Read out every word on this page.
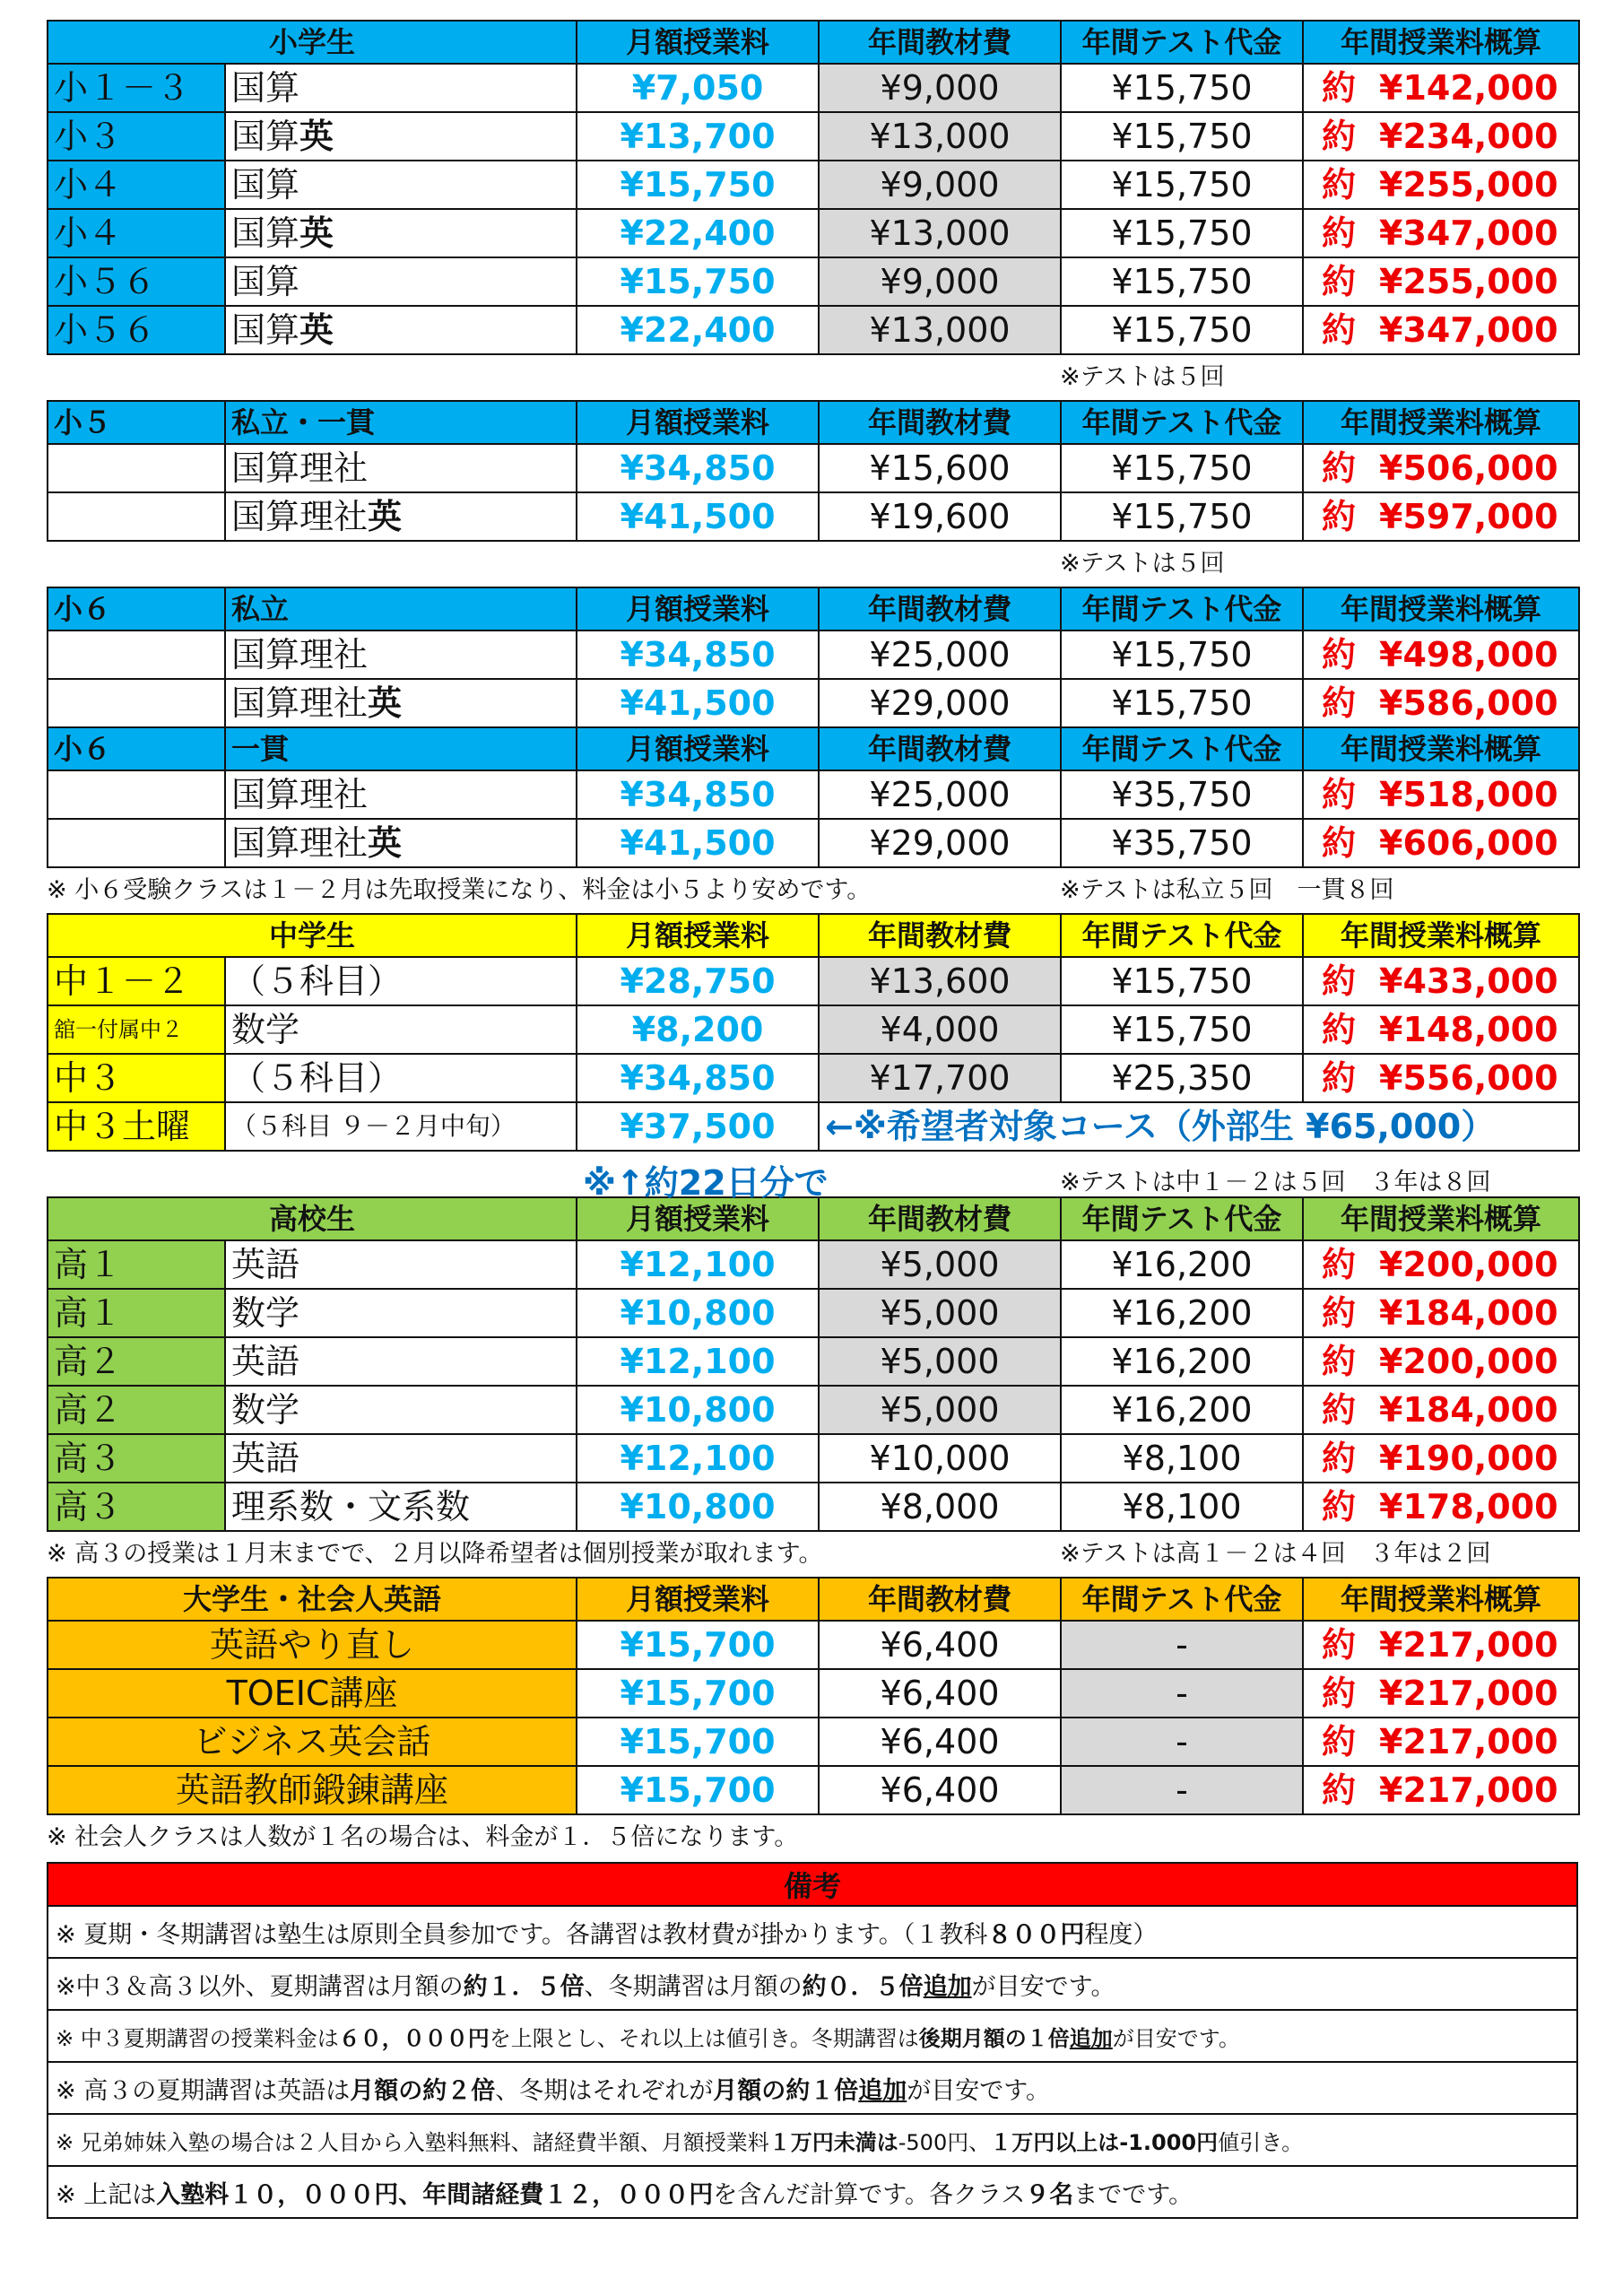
小学生		月額授業料	年間教材費	年間テスト代金	年間授業料概算
小１－３	国算	¥7,050	¥9,000	¥15,750	約 ¥142,000
小３	国算英	¥13,700	¥13,000	¥15,750	約 ¥234,000
小４	国算	¥15,750	¥9,000	¥15,750	約 ¥255,000
小４	国算英	¥22,400	¥13,000	¥15,750	約 ¥347,000
小５６	国算	¥15,750	¥9,000	¥15,750	約 ¥255,000
小５６	国算英	¥22,400	¥13,000	¥15,750	約 ¥347,000
※テストは５回
小５	私立・一貫	月額授業料	年間教材費	年間テスト代金	年間授業料概算
	国算理社	¥34,850	¥15,600	¥15,750	約 ¥506,000
	国算理社英	¥41,500	¥19,600	¥15,750	約 ¥597,000
※テストは５回
小６	私立	月額授業料	年間教材費	年間テスト代金	年間授業料概算
	国算理社	¥34,850	¥25,000	¥15,750	約 ¥498,000
	国算理社英	¥41,500	¥29,000	¥15,750	約 ¥586,000
小６	一貫	月額授業料	年間教材費	年間テスト代金	年間授業料概算
	国算理社	¥34,850	¥25,000	¥35,750	約 ¥518,000
	国算理社英	¥41,500	¥29,000	¥35,750	約 ¥606,000
※ 小６受験クラスは１－２月は先取授業になり、料金は小５より安めです。	※テストは私立５回　一貫８回
中学生		月額授業料	年間教材費	年間テスト代金	年間授業料概算
中１－２	（５科目）	¥28,750	¥13,600	¥15,750	約 ¥433,000
舘一付属中２	数学	¥8,200	¥4,000	¥15,750	約 ¥148,000
中３	（５科目）	¥34,850	¥17,700	¥25,350	約 ¥556,000
中３土曜	（５科目 ９－２月中旬）	¥37,500	←※希望者対象コース（外部生 ¥65,000）		
※↑約22日分で	※テストは中１－２は５回　３年は８回
高校生		月額授業料	年間教材費	年間テスト代金	年間授業料概算
高１	英語	¥12,100	¥5,000	¥16,200	約 ¥200,000
高１	数学	¥10,800	¥5,000	¥16,200	約 ¥184,000
高２	英語	¥12,100	¥5,000	¥16,200	約 ¥200,000
高２	数学	¥10,800	¥5,000	¥16,200	約 ¥184,000
高３	英語	¥12,100	¥10,000	¥8,100	約 ¥190,000
高３	理系数・文系数	¥10,800	¥8,000	¥8,100	約 ¥178,000
※ 高３の授業は１月末までで、２月以降希望者は個別授業が取れます。	※テストは高１－２は４回　３年は２回
大学生・社会人英語	月額授業料	年間教材費	年間テスト代金	年間授業料概算
英語やり直し	¥15,700	¥6,400	-	約 ¥217,000
TOEIC講座	¥15,700	¥6,400	-	約 ¥217,000
ビジネス英会話	¥15,700	¥6,400	-	約 ¥217,000
英語教師鍛錬講座	¥15,700	¥6,400	-	約 ¥217,000
※ 社会人クラスは人数が１名の場合は、料金が１．５倍になります。
備考
※ 夏期・冬期講習は塾生は原則全員参加です。各講習は教材費が掛かります。（１教科８００円程度）
※中３＆高３以外、夏期講習は月額の約１．５倍、冬期講習は月額の約０．５倍追加が目安です。
※ 中３夏期講習の授業料金は６０，０００円を上限とし、それ以上は値引き。冬期講習は後期月額の１倍追加が目安です。
※ 高３の夏期講習は英語は月額の約２倍、冬期はそれぞれが月額の約１倍追加が目安です。
※ 兄弟姉妹入塾の場合は２人目から入塾料無料、諸経費半額、月額授業料１万円未満は-500円、１万円以上は-1.000円値引き。
※ 上記は入塾料１０，０００円、年間諸経費１２，０００円を含んだ計算です。各クラス９名までです。
